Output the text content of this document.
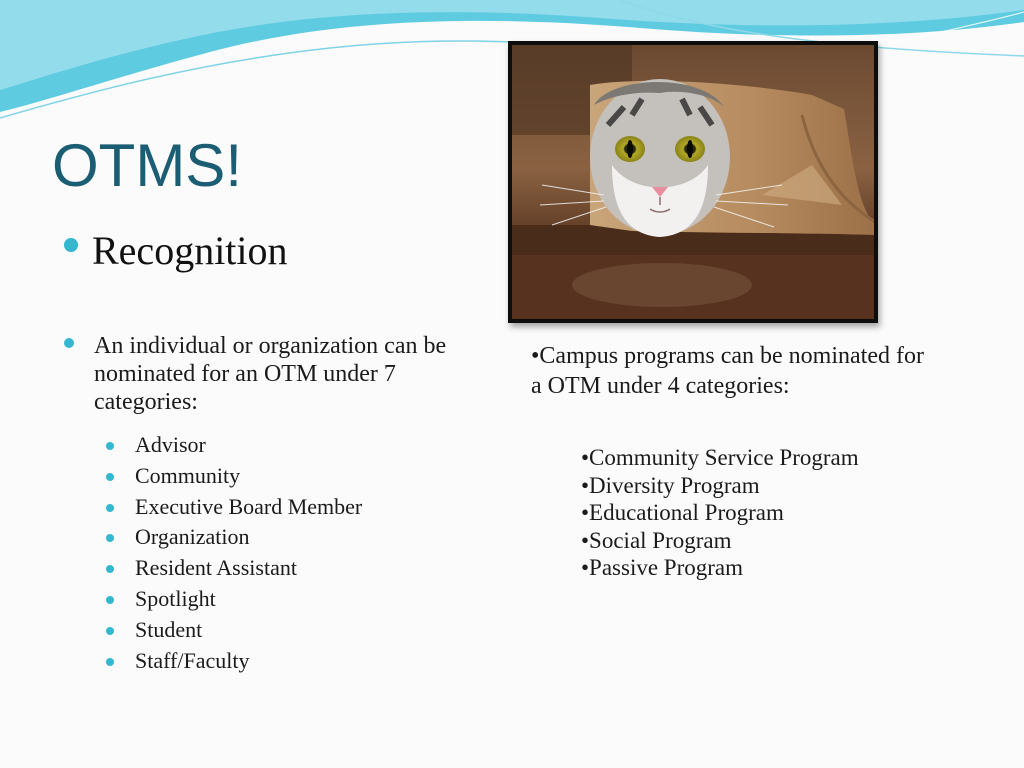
OTMS!
Recognition
An individual or organization can be nominated for an OTM under 7 categories:
Advisor
Community
Executive Board Member
Organization
Resident Assistant
Spotlight
Student
Staff/Faculty
•Campus programs can be nominated for a OTM under 4 categories:
•Community Service Program
•Diversity Program
•Educational Program
•Social Program
•Passive Program
